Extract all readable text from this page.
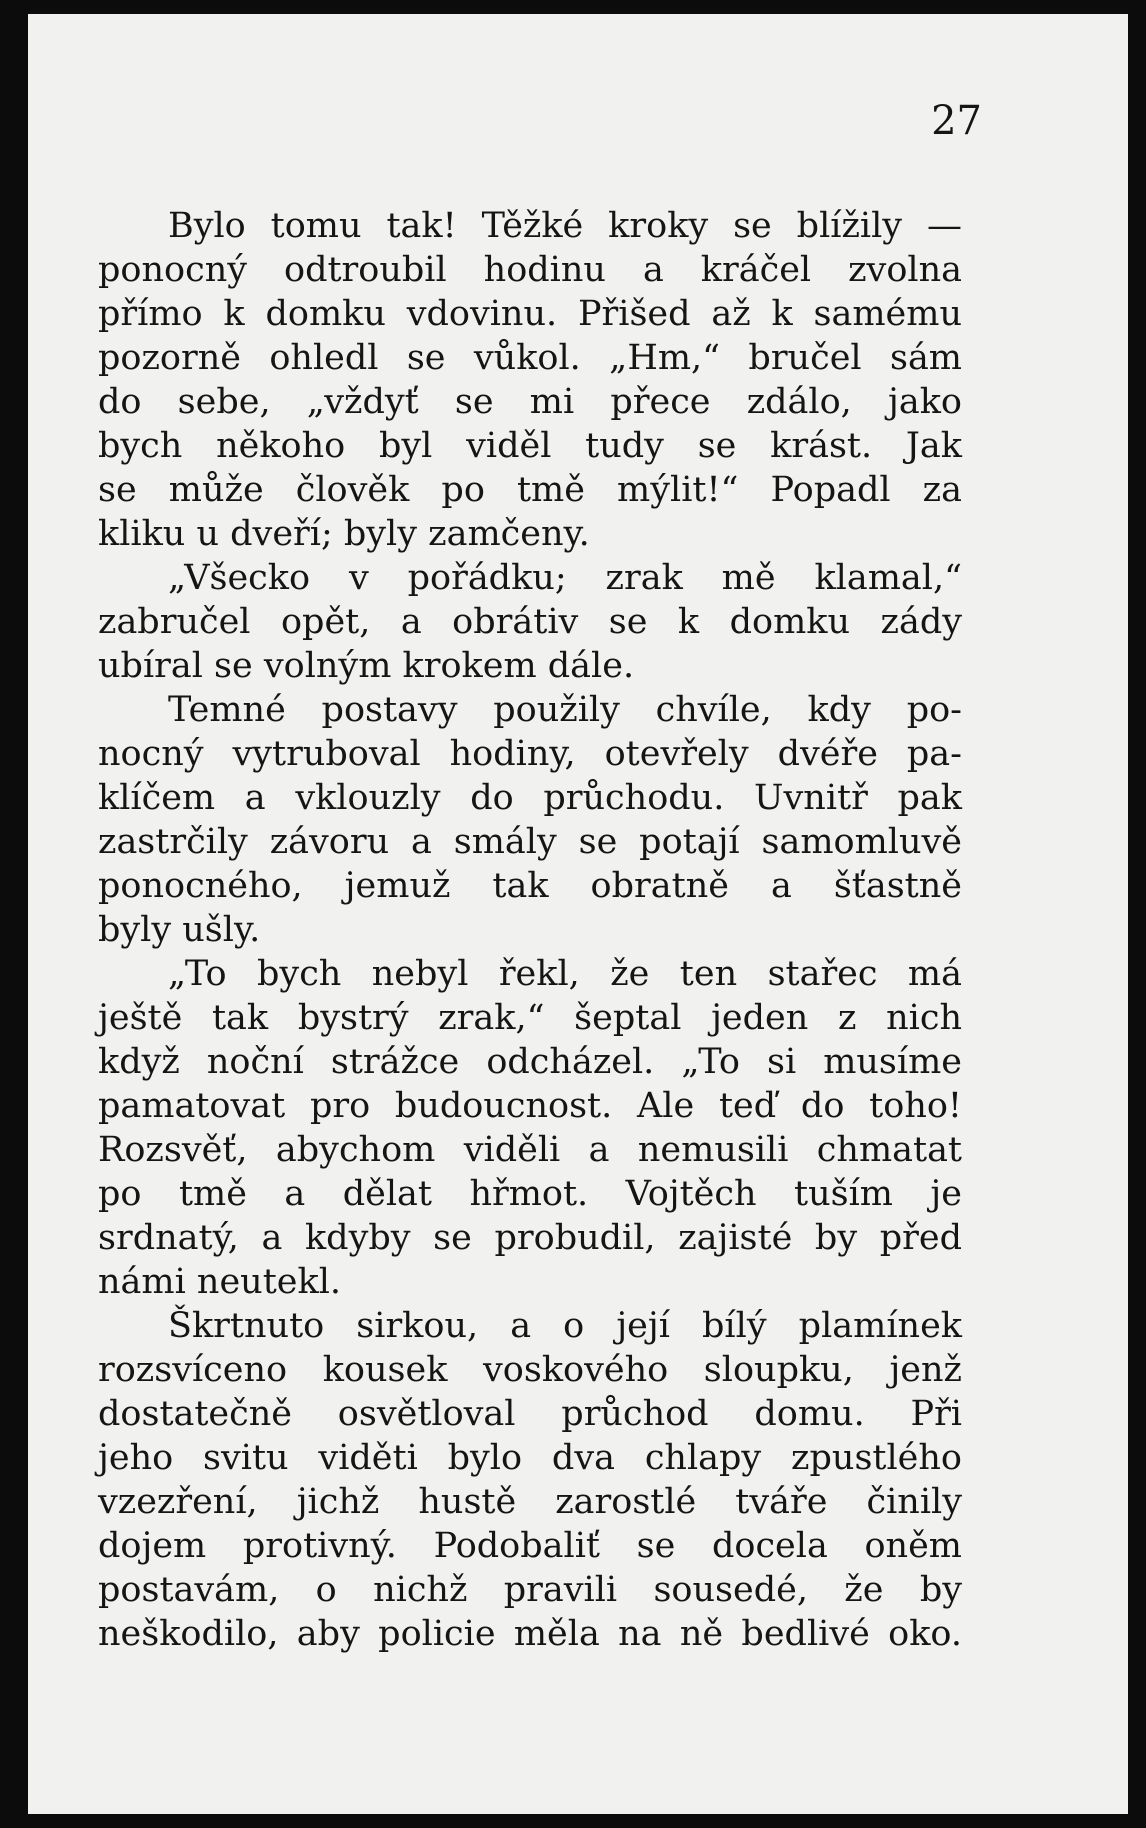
27
Bylo tomu tak! Těžké kroky se blížily —
ponocný odtroubil hodinu a kráčel zvolna
přímo k domku vdovinu. Přišed až k samému
pozorně ohledl se vůkol. „Hm,“ bručel sám
do sebe, „vždyť se mi přece zdálo, jako
bych někoho byl viděl tudy se krást. Jak
se může člověk po tmě mýlit!“ Popadl za
kliku u dveří; byly zamčeny.
„Všecko v pořádku; zrak mě klamal,“
zabručel opět, a obrátiv se k domku zády
ubíral se volným krokem dále.
Temné postavy použily chvíle, kdy po-
nocný vytruboval hodiny, otevřely dvéře pa-
klíčem a vklouzly do průchodu. Uvnitř pak
zastrčily závoru a smály se potají samomluvě
ponocného, jemuž tak obratně a šťastně
byly ušly.
„To bych nebyl řekl, že ten stařec má
ještě tak bystrý zrak,“ šeptal jeden z nich
když noční strážce odcházel. „To si musíme
pamatovat pro budoucnost. Ale teď do toho!
Rozsvěť, abychom viděli a nemusili chmatat
po tmě a dělat hřmot. Vojtěch tuším je
srdnatý, a kdyby se probudil, zajisté by před
námi neutekl.
Škrtnuto sirkou, a o její bílý plamínek
rozsvíceno kousek voskového sloupku, jenž
dostatečně osvětloval průchod domu. Při
jeho svitu viděti bylo dva chlapy zpustlého
vzezření, jichž hustě zarostlé tváře činily
dojem protivný. Podobaliť se docela oněm
postavám, o nichž pravili sousedé, že by
neškodilo, aby policie měla na ně bedlivé oko.
